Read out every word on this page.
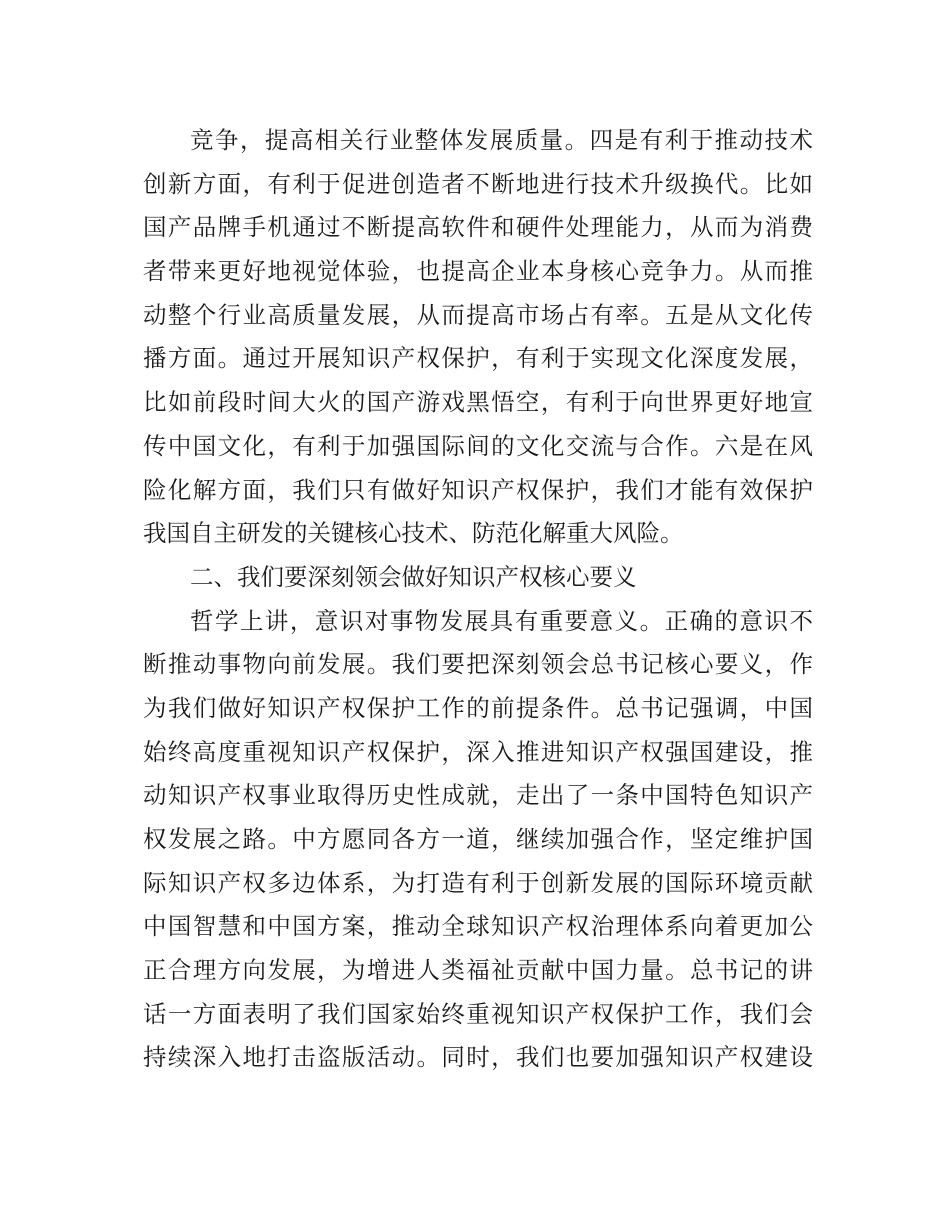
竞争，提高相关行业整体发展质量。四是有利于推动技术
创新方面，有利于促进创造者不断地进行技术升级换代。比如
国产品牌手机通过不断提高软件和硬件处理能力，从而为消费
者带来更好地视觉体验，也提高企业本身核心竞争力。从而推
动整个行业高质量发展，从而提高市场占有率。五是从文化传
播方面。通过开展知识产权保护，有利于实现文化深度发展，
比如前段时间大火的国产游戏黑悟空，有利于向世界更好地宣
传中国文化，有利于加强国际间的文化交流与合作。六是在风
险化解方面，我们只有做好知识产权保护，我们才能有效保护
我国自主研发的关键核心技术、防范化解重大风险。
二、我们要深刻领会做好知识产权核心要义
哲学上讲，意识对事物发展具有重要意义。正确的意识不
断推动事物向前发展。我们要把深刻领会总书记核心要义，作
为我们做好知识产权保护工作的前提条件。总书记强调，中国
始终高度重视知识产权保护，深入推进知识产权强国建设，推
动知识产权事业取得历史性成就，走出了一条中国特色知识产
权发展之路。中方愿同各方一道，继续加强合作，坚定维护国
际知识产权多边体系，为打造有利于创新发展的国际环境贡献
中国智慧和中国方案，推动全球知识产权治理体系向着更加公
正合理方向发展，为增进人类福祉贡献中国力量。总书记的讲
话一方面表明了我们国家始终重视知识产权保护工作，我们会
持续深入地打击盗版活动。同时，我们也要加强知识产权建设
